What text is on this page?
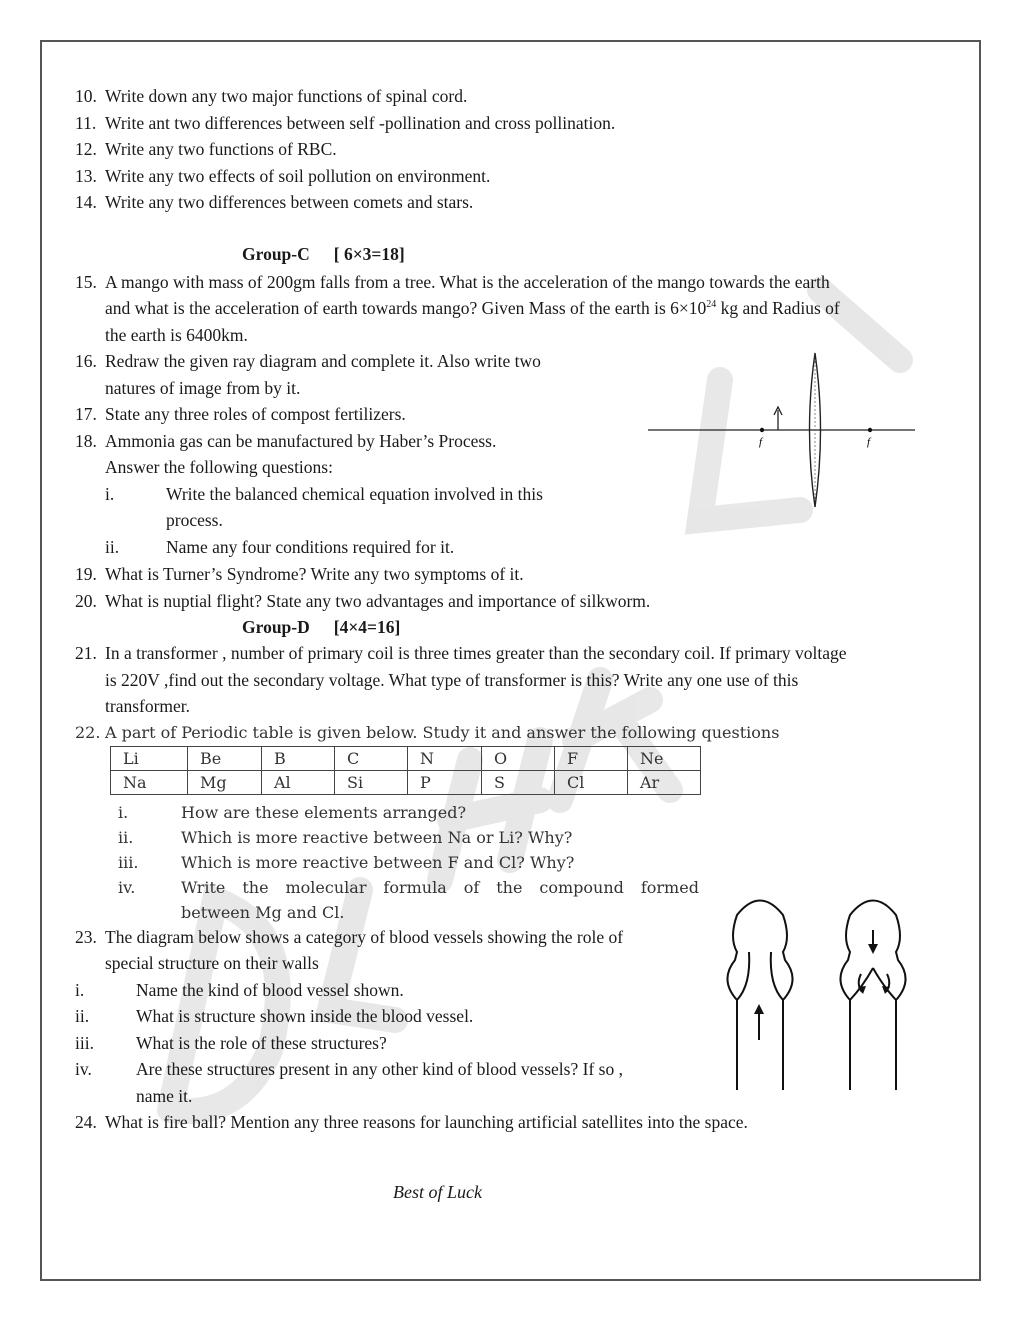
10. Write down any two major functions of spinal cord.
11. Write ant two differences between self -pollination and cross pollination.
12. Write any two functions of RBC.
13. Write any two effects of soil pollution on environment.
14. Write any two differences between comets and stars.
Group-C [ 6×3=18]
15. A mango with mass of 200gm falls from a tree. What is the acceleration of the mango towards the earth
and what is the acceleration of earth towards mango? Given Mass of the earth is $6\times 10^{24}$ kg and Radius of
the earth is 6400km.
16. Redraw the given ray diagram and complete it. Also write two
natures of image from by it.
17. State any three roles of compost fertilizers.
18. Ammonia gas can be manufactured by Haber’s Process.
Answer the following questions:
i.	Write the balanced chemical equation involved in this
process.
ii.	Name any four conditions required for it.
19. What is Turner’s Syndrome? Write any two symptoms of it.
20. What is nuptial flight? State any two advantages and importance of silkworm.
Group-D [4×4=16]
21. In a transformer , number of primary coil is three times greater than the secondary coil. If primary voltage
is 220V ,find out the secondary voltage. What type of transformer is this? Write any one use of this
transformer.
22. A part of Periodic table is given below. Study it and answer the following questions
Li	Be	B	C	N	O	F	Ne
Na	Mg	Al	Si	P	S	Cl	Ar
i.	How are these elements arranged?
ii.	Which is more reactive between Na or Li? Why?
iii.	Which is more reactive between F and Cl? Why?
iv.	Write the molecular formula of the compound formed
between Mg and Cl.
23. The diagram below shows a category of blood vessels showing the role of
special structure on their walls
i.	Name the kind of blood vessel shown.
ii.	What is structure shown inside the blood vessel.
iii. What is the role of these structures?
iv.	Are these structures present in any other kind of blood vessels? If so ,
name it.
24. What is fire ball? Mention any three reasons for launching artificial satellites into the space.
Best of Luck
f	f
